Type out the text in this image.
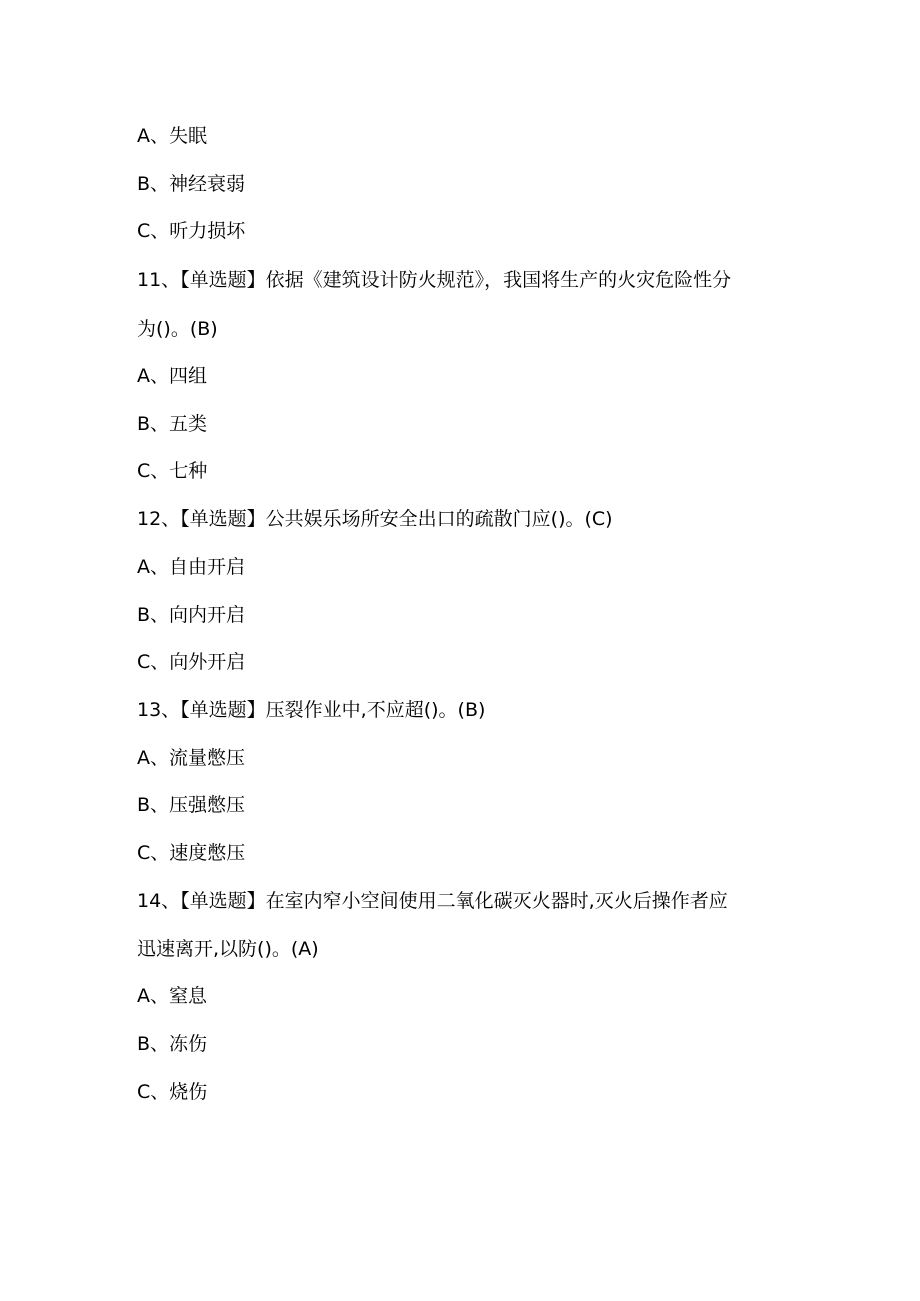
A、失眠
B、神经衰弱
C、听力损坏
11、【单选题】依据《建筑设计防火规范》，我国将生产的火灾危险性分
为()。(B)
A、四组
B、五类
C、七种
12、【单选题】公共娱乐场所安全出口的疏散门应()。(C)
A、自由开启
B、向内开启
C、向外开启
13、【单选题】压裂作业中,不应超()。(B)
A、流量憋压
B、压强憋压
C、速度憋压
14、【单选题】在室内窄小空间使用二氧化碳灭火器时,灭火后操作者应
迅速离开,以防()。(A)
A、窒息
B、冻伤
C、烧伤
